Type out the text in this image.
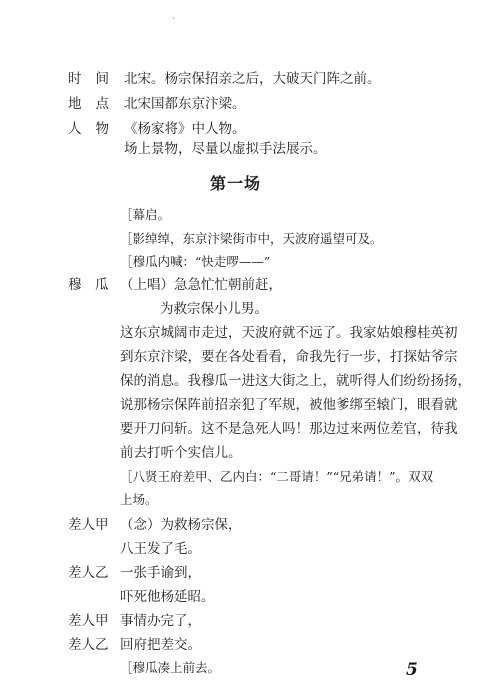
·
时 间 北宋。杨宗保招亲之后，大破天门阵之前。
地 点 北宋国都东京汴梁。
人 物 《杨家将》中人物。
场上景物，尽量以虚拟手法展示。
第一场
［幕启。
［影绰绰，东京汴梁街市中，天波府遥望可及。
［穆瓜内喊：“快走啰——”
穆　瓜 （上唱）急急忙忙朝前赶，
为救宗保小儿男。
这东京城阔市走过，天波府就不远了。我家姑娘穆桂英初
到东京汴梁，要在各处看看，命我先行一步，打探姑爷宗
保的消息。我穆瓜一进这大街之上，就听得人们纷纷扬扬，
说那杨宗保阵前招亲犯了军规，被他爹绑至辕门，眼看就
要开刀问斩。这不是急死人吗！那边过来两位差官，待我
前去打听个实信儿。
［八贤王府差甲、乙内白：“二哥请！”“兄弟请！”。双双
上场。
差人甲 （念）为救杨宗保，
八王发了毛。
差人乙 一张手谕到，
吓死他杨延昭。
差人甲 事情办完了，
差人乙 回府把差交。
［穆瓜凑上前去。	5
